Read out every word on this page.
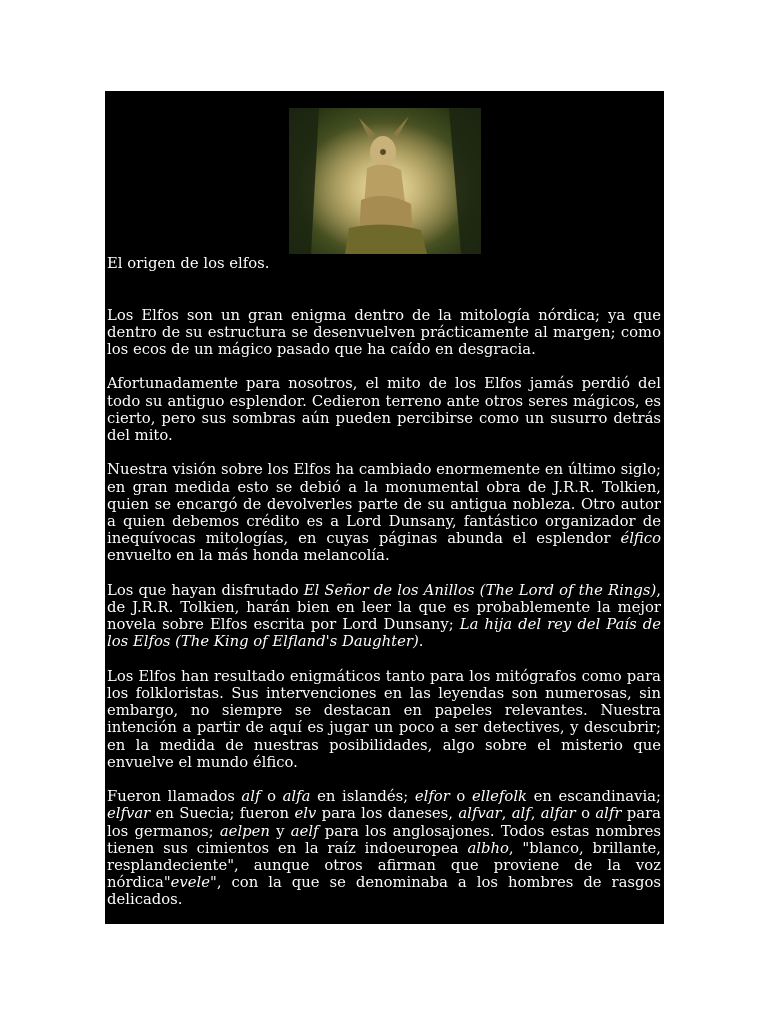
El origen de los elfos.

Los Elfos son un gran enigma dentro de la mitología nórdica; ya que dentro de su estructura se desenvuelven prácticamente al margen; como los ecos de un mágico pasado que ha caído en desgracia.

Afortunadamente para nosotros, el mito de los Elfos jamás perdió del todo su antiguo esplendor. Cedieron terreno ante otros seres mágicos, es cierto, pero sus sombras aún pueden percibirse como un susurro detrás del mito.

Nuestra visión sobre los Elfos ha cambiado enormemente en último siglo; en gran medida esto se debió a la monumental obra de J.R.R. Tolkien, quien se encargó de devolverles parte de su antigua nobleza. Otro autor a quien debemos crédito es a Lord Dunsany, fantástico organizador de inequívocas mitologías, en cuyas páginas abunda el esplendor élfico envuelto en la más honda melancolía.

Los que hayan disfrutado El Señor de los Anillos (The Lord of the Rings), de J.R.R. Tolkien, harán bien en leer la que es probablemente la mejor novela sobre Elfos escrita por Lord Dunsany; La hija del rey del País de los Elfos (The King of Elfland's Daughter).

Los Elfos han resultado enigmáticos tanto para los mitógrafos como para los folkloristas. Sus intervenciones en las leyendas son numerosas, sin embargo, no siempre se destacan en papeles relevantes. Nuestra intención a partir de aquí es jugar un poco a ser detectives, y descubrir; en la medida de nuestras posibilidades, algo sobre el misterio que envuelve el mundo élfico.

Fueron llamados alf o alfa en islandés; elfor o ellefolk en escandinavia; elfvar en Suecia; fueron elv para los daneses, alfvar, alf, alfar o alfr para los germanos; aelpen y aelf para los anglosajones. Todos estas nombres tienen sus cimientos en la raíz indoeuropea albho, "blanco, brillante, resplandeciente", aunque otros afirman que proviene de la voz nórdica"evele", con la que se denominaba a los hombres de rasgos delicados.
